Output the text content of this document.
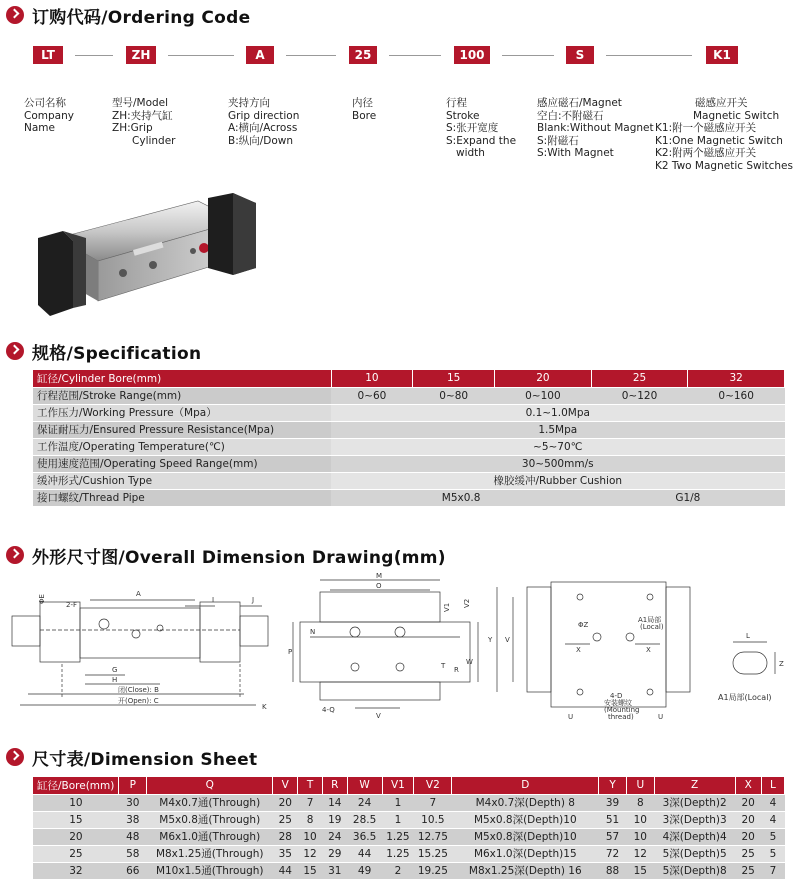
订购代码/Ordering Code
LT	ZH	A	25	100	S	K1
公司名称
Company
Name
型号/Model
ZH:夹持气缸
ZH:Grip
Cylinder
夹持方向
Grip direction
A:横向/Across
B:纵向/Down
内径
Bore
行程
Stroke
S:张开宽度
S:Expand the
width
感应磁石/Magnet
空白:不附磁石
Blank:Without Magnet
S:附磁石
S:With Magnet
磁感应开关
Magnetic Switch
K1:附一个磁感应开关
K1:One Magnetic Switch
K2:附两个磁感应开关
K2 Two Magnetic Switches
规格/Specification
缸径/Cylinder Bore(mm)	10	15	20	25	32
行程范围/Stroke Range(mm)	0~60	0~80	0~100	0~120	0~160
工作压力/Working Pressure（Mpa）	0.1~1.0Mpa				
保证耐压力/Ensured Pressure Resistance(Mpa)	1.5Mpa				
工作温度/Operating Temperature(℃)	~5~70℃				
使用速度范围/Operating Speed Range(mm)	30~500mm/s				
缓冲形式/Cushion Type	橡胶缓冲/Rubber Cushion				
接口螺纹/Thread Pipe	M5x0.8			G1/8	
外形尺寸图/Overall Dimension Drawing(mm)
A
2-F
ΦE	I	J
G
H
闭(Close): B
开(Open): C
K
M
O
V1 V2
N
P
T R
W
4-Q
V
Y V
ΦZ
X	X
A1局部
(Local)
4-D
安装螺纹
(Mounting
thread)
U	U
L
Z
A1局部(Local)
尺寸表/Dimension Sheet
缸径/Bore(mm)	P	Q	V	T	R	W	V1	V2	D	Y	U	Z	X	L
10	30	M4x0.7通(Through)	20	7	14	24	1	7	M4x0.7深(Depth) 8	39	8	3深(Depth)2	20	4
15	38	M5x0.8通(Through)	25	8	19	28.5	1	10.5	M5x0.8深(Depth)10	51	10	3深(Depth)3	20	4
20	48	M6x1.0通(Through)	28	10	24	36.5	1.25	12.75	M5x0.8深(Depth)10	57	10	4深(Depth)4	20	5
25	58	M8x1.25通(Through)	35	12	29	44	1.25	15.25	M6x1.0深(Depth)15	72	12	5深(Depth)5	25	5
32	66	M10x1.5通(Through)	44	15	31	49	2	19.25	M8x1.25深(Depth) 16	88	15	5深(Depth)8	25	7
